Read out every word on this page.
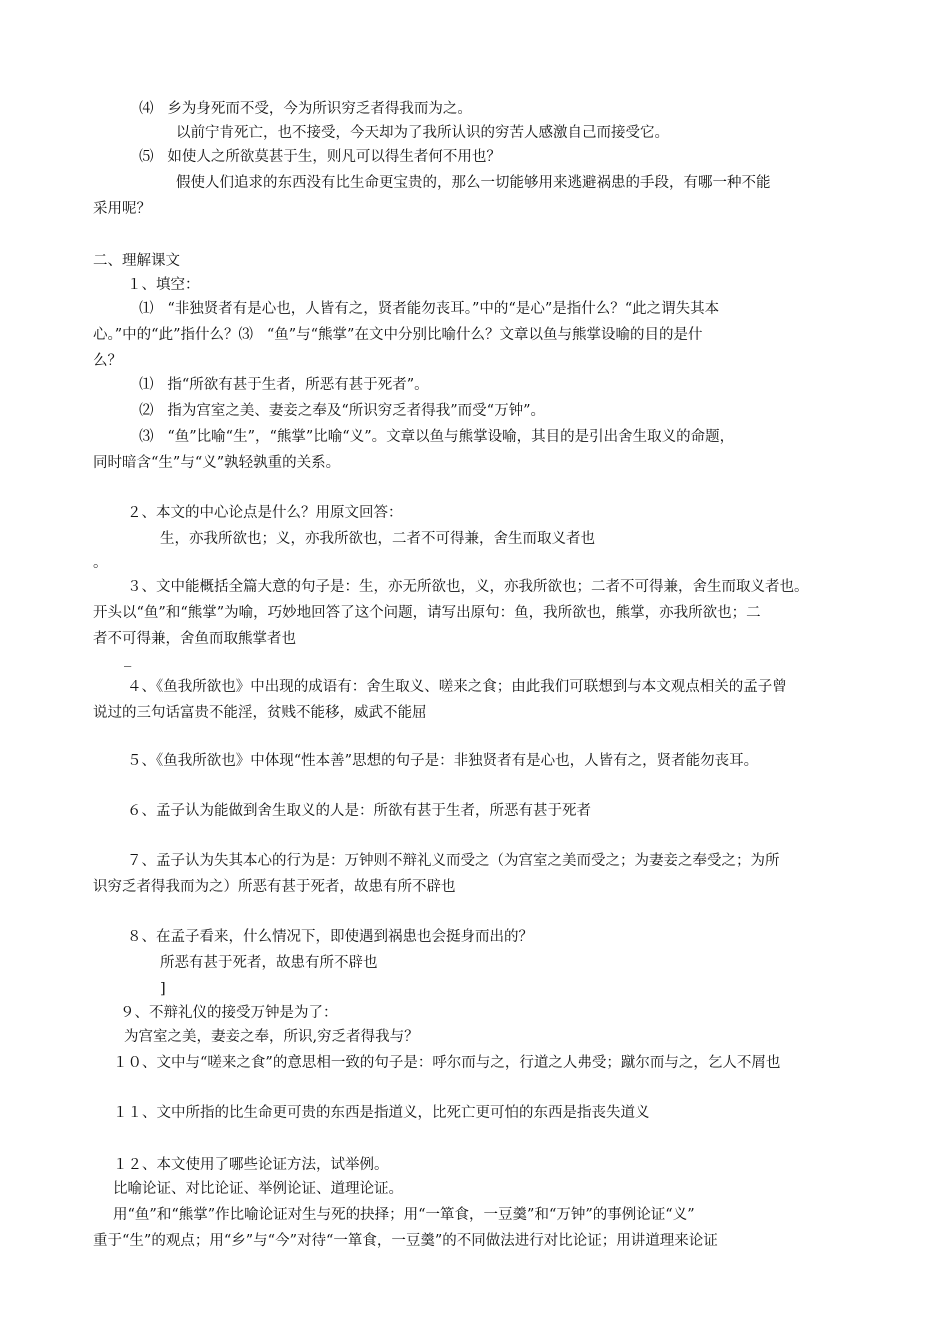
⑷   乡为身死而不受，今为所识穷乏者得我而为之。
以前宁肯死亡，也不接受，今天却为了我所认识的穷苦人感激自己而接受它。
⑸   如使人之所欲莫甚于生，则凡可以得生者何不用也？
假使人们追求的东西没有比生命更宝贵的，那么一切能够用来逃避祸患的手段，有哪一种不能
采用呢？
二、理解课文
１、填空：
⑴   “非独贤者有是心也，人皆有之，贤者能勿丧耳。”中的“是心”是指什么？“此之谓失其本
心。”中的“此”指什么？⑶   “鱼”与“熊掌”在文中分别比喻什么？文章以鱼与熊掌设喻的目的是什
么？
⑴   指“所欲有甚于生者，所恶有甚于死者”。
⑵   指为宫室之美、妻妾之奉及“所识穷乏者得我”而受“万钟”。
⑶   “鱼”比喻“生”，“熊掌”比喻“义”。文章以鱼与熊掌设喻，其目的是引出舍生取义的命题，
同时暗含“生”与“义”孰轻孰重的关系。
２、本文的中心论点是什么？用原文回答：
生，亦我所欲也；义，亦我所欲也，二者不可得兼，舍生而取义者也
。
３、文中能概括全篇大意的句子是：生，亦无所欲也，义，亦我所欲也；二者不可得兼，舍生而取义者也。
开头以“鱼”和“熊掌”为喻，巧妙地回答了这个问题，请写出原句：鱼，我所欲也，熊掌，亦我所欲也；二
者不可得兼，舍鱼而取熊掌者也
_
４、《鱼我所欲也》中出现的成语有：舍生取义、嗟来之食；由此我们可联想到与本文观点相关的孟子曾
说过的三句话富贵不能淫，贫贱不能移，威武不能屈
５、《鱼我所欲也》中体现“性本善”思想的句子是：非独贤者有是心也，人皆有之，贤者能勿丧耳。
６、孟子认为能做到舍生取义的人是：所欲有甚于生者，所恶有甚于死者
７、孟子认为失其本心的行为是：万钟则不辩礼义而受之（为宫室之美而受之；为妻妾之奉受之；为所
识穷乏者得我而为之）所恶有甚于死者，故患有所不辟也
８、在孟子看来，什么情况下，即使遇到祸患也会挺身而出的？
所恶有甚于死者，故患有所不辟也
]
９、不辩礼仪的接受万钟是为了：
为宫室之美，妻妾之奉，所识,穷乏者得我与？
１０、文中与“嗟来之食”的意思相一致的句子是：呼尔而与之，行道之人弗受；蹴尔而与之，乞人不屑也
１１、文中所指的比生命更可贵的东西是指道义，比死亡更可怕的东西是指丧失道义
１２、本文使用了哪些论证方法，试举例。
比喻论证、对比论证、举例论证、道理论证。
用“鱼”和“熊掌”作比喻论证对生与死的抉择；用“一箪食，一豆羹”和“万钟”的事例论证“义”
重于“生”的观点；用“乡”与“今”对待“一箪食，一豆羹”的不同做法进行对比论证；用讲道理来论证
